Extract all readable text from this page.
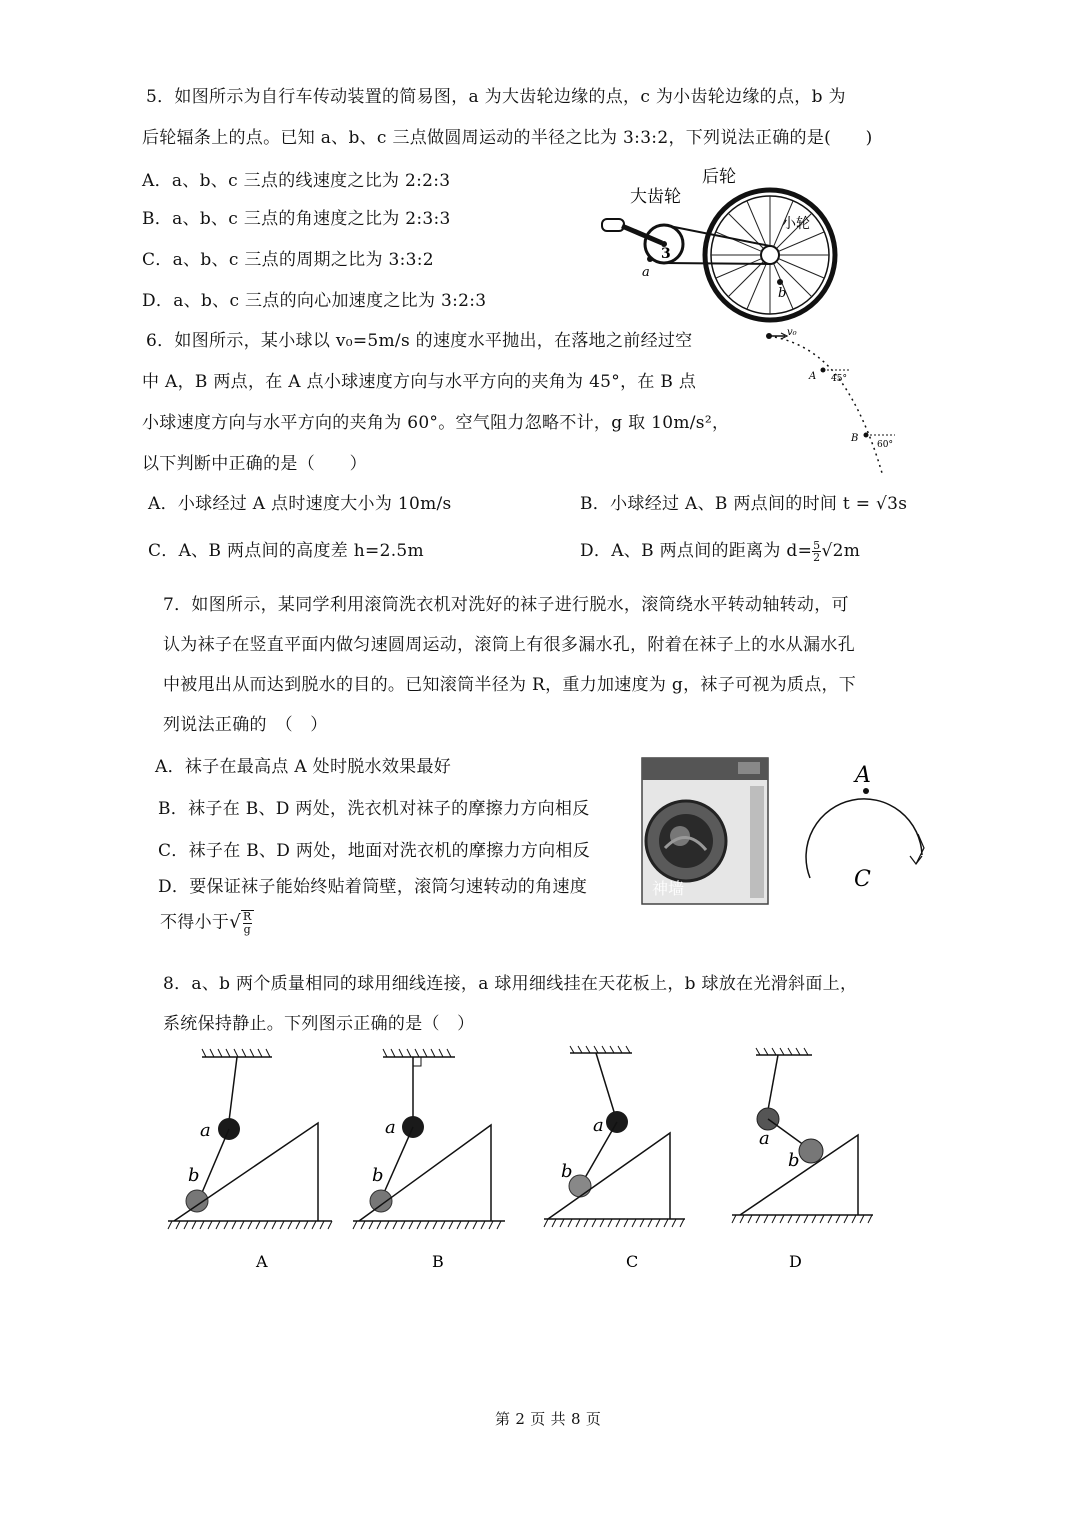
5．如图所示为自行车传动装置的简易图，a 为大齿轮边缘的点，c 为小齿轮边缘的点，b 为
后轮辐条上的点。已知 a、b、c 三点做圆周运动的半径之比为 3:3:2，下列说法正确的是(　　)
A．a、b、c 三点的线速度之比为 2:2:3
B．a、b、c 三点的角速度之比为 2:3:3
C．a、b、c 三点的周期之比为 3:3:2
D．a、b、c 三点的向心加速度之比为 3:2:3
3
a
b
后轮
大齿轮
小轮
6．如图所示，某小球以 v₀=5m/s 的速度水平抛出，在落地之前经过空
中 A，B 两点，在 A 点小球速度方向与水平方向的夹角为 45°，在 B 点
小球速度方向与水平方向的夹角为 60°。空气阻力忽略不计，g 取 10m/s²，
以下判断中正确的是（　　）
A．小球经过 A 点时速度大小为 10m/s	B．小球经过 A、B 两点间的时间 t = √3s
C．A、B 两点间的高度差 h=2.5m	D．A、B 两点间的距离为 $d= \frac{5}{2} √2m$
v₀
A 45°
B
60°
7．如图所示，某同学利用滚筒洗衣机对洗好的袜子进行脱水，滚筒绕水平转动轴转动，可
认为袜子在竖直平面内做匀速圆周运动，滚筒上有很多漏水孔，附着在袜子上的水从漏水孔
中被甩出从而达到脱水的目的。已知滚筒半径为 R，重力加速度为 g，袜子可视为质点，下
列说法正确的　（　）
A．袜子在最高点 A 处时脱水效果最好
B．袜子在 B、D 两处，洗衣机对袜子的摩擦力方向相反
C．袜子在 B、D 两处，地面对洗衣机的摩擦力方向相反
D．要保证袜子能始终贴着筒壁，滚筒匀速转动的角速度
不得小于√ $\frac{R}{g}$
神墙
A
C
8．a、b 两个质量相同的球用细线连接，a 球用细线挂在天花板上，b 球放在光滑斜面上，
系统保持静止。下列图示正确的是（　）
a
b
A
a
b
B
a
b
C
a
b
D
第 2 页 共 8 页
